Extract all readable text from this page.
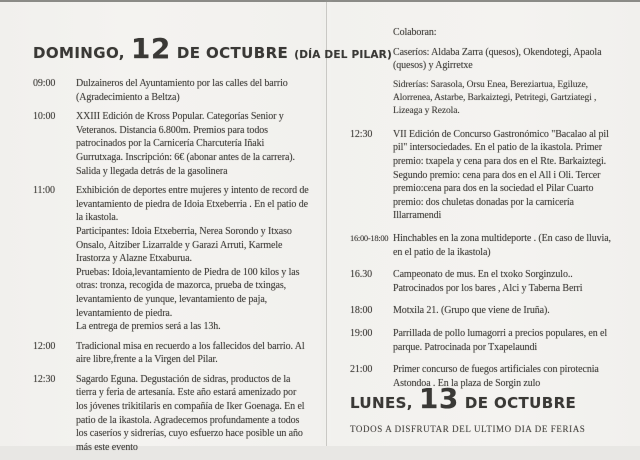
DOMINGO, 12 DE OCTUBRE (DÍA DEL PILAR)
09:00	Dulzaineros del Ayuntamiento por las calles del barrio

(Agradecimiento a Beltza)

10:00	XXIII Edición de Kross Popular. Categorías Senior y Veteranos. Distancia 6.800m. Premios para todos patrocinados por la Carnicería Charcutería Iñaki Gurrutxaga. Inscripción: 6€ (abonar antes de la carrera). Salida y llegada detrás de la gasolinera

11:00	Exhibición de deportes entre mujeres y intento de record de levantamiento de piedra de Idoia Etxeberria . En el patio de la ikastola.

Participantes: Idoia Etxeberria, Nerea Sorondo y Itxaso Onsalo, Aitziber Lizarralde y Garazi Arruti, Karmele Irastorza y Alazne Etxaburua.

Pruebas: Idoia,levantamiento de Piedra de 100 kilos y las otras: tronza, recogida de mazorca, prueba de txingas, levantamiento de yunque, levantamiento de paja, levantamiento de piedra.

La entrega de premios será a las 13h.

12:00	Tradicional misa en recuerdo a los fallecidos del barrio. Al aire libre,frente a la Virgen del Pilar.

12:30	Sagardo Eguna. Degustación de sidras, productos de la tierra y feria de artesanía. Este año estará amenizado por los jóvenes trikitilaris en compañía de Iker Goenaga. En el patio de la ikastola. Agradecemos profundamente a todos los caseríos y sidrerías, cuyo esfuerzo hace posible un año más este evento

Colaboran:

Caseríos: Aldaba Zarra (quesos), Okendotegi, Apaola (quesos) y Agirretxe

Sidrerías: Sarasola, Orsu Enea, Bereziartua, Egiluze, Alorrenea, Astarbe, Barkaiztegi, Petritegi, Gartziategi , Lizeaga y Rezola.

12:30	VII Edición de Concurso Gastronómico "Bacalao al pil pil" intersociedades. En el patio de la ikastola. Primer premio: txapela y cena para dos en el Rte. Barkaiztegi. Segundo premio: cena para dos en el All i Oli. Tercer premio:cena para dos en la sociedad el Pilar Cuarto premio: dos chuletas donadas por la carnicería Illarramendi

16:00-18:00 Hinchables en la zona multideporte . (En caso de lluvia, en el patio de la ikastola)

16.30	Campeonato de mus. En el txoko Sorginzulo.. Patrocinados por los bares , Alci y Taberna Berri

18:00	Motxila 21. (Grupo que viene de Iruña).

19:00	Parrillada de pollo lumagorri a precios populares, en el parque. Patrocinada por Txapelaundi

21:00	Primer concurso de fuegos artificiales con pirotecnia Astondoa . En la plaza de Sorgin zulo

LUNES, 13 DE OCTUBRE

TODOS A DISFRUTAR DEL ULTIMO DIA DE FERIAS
